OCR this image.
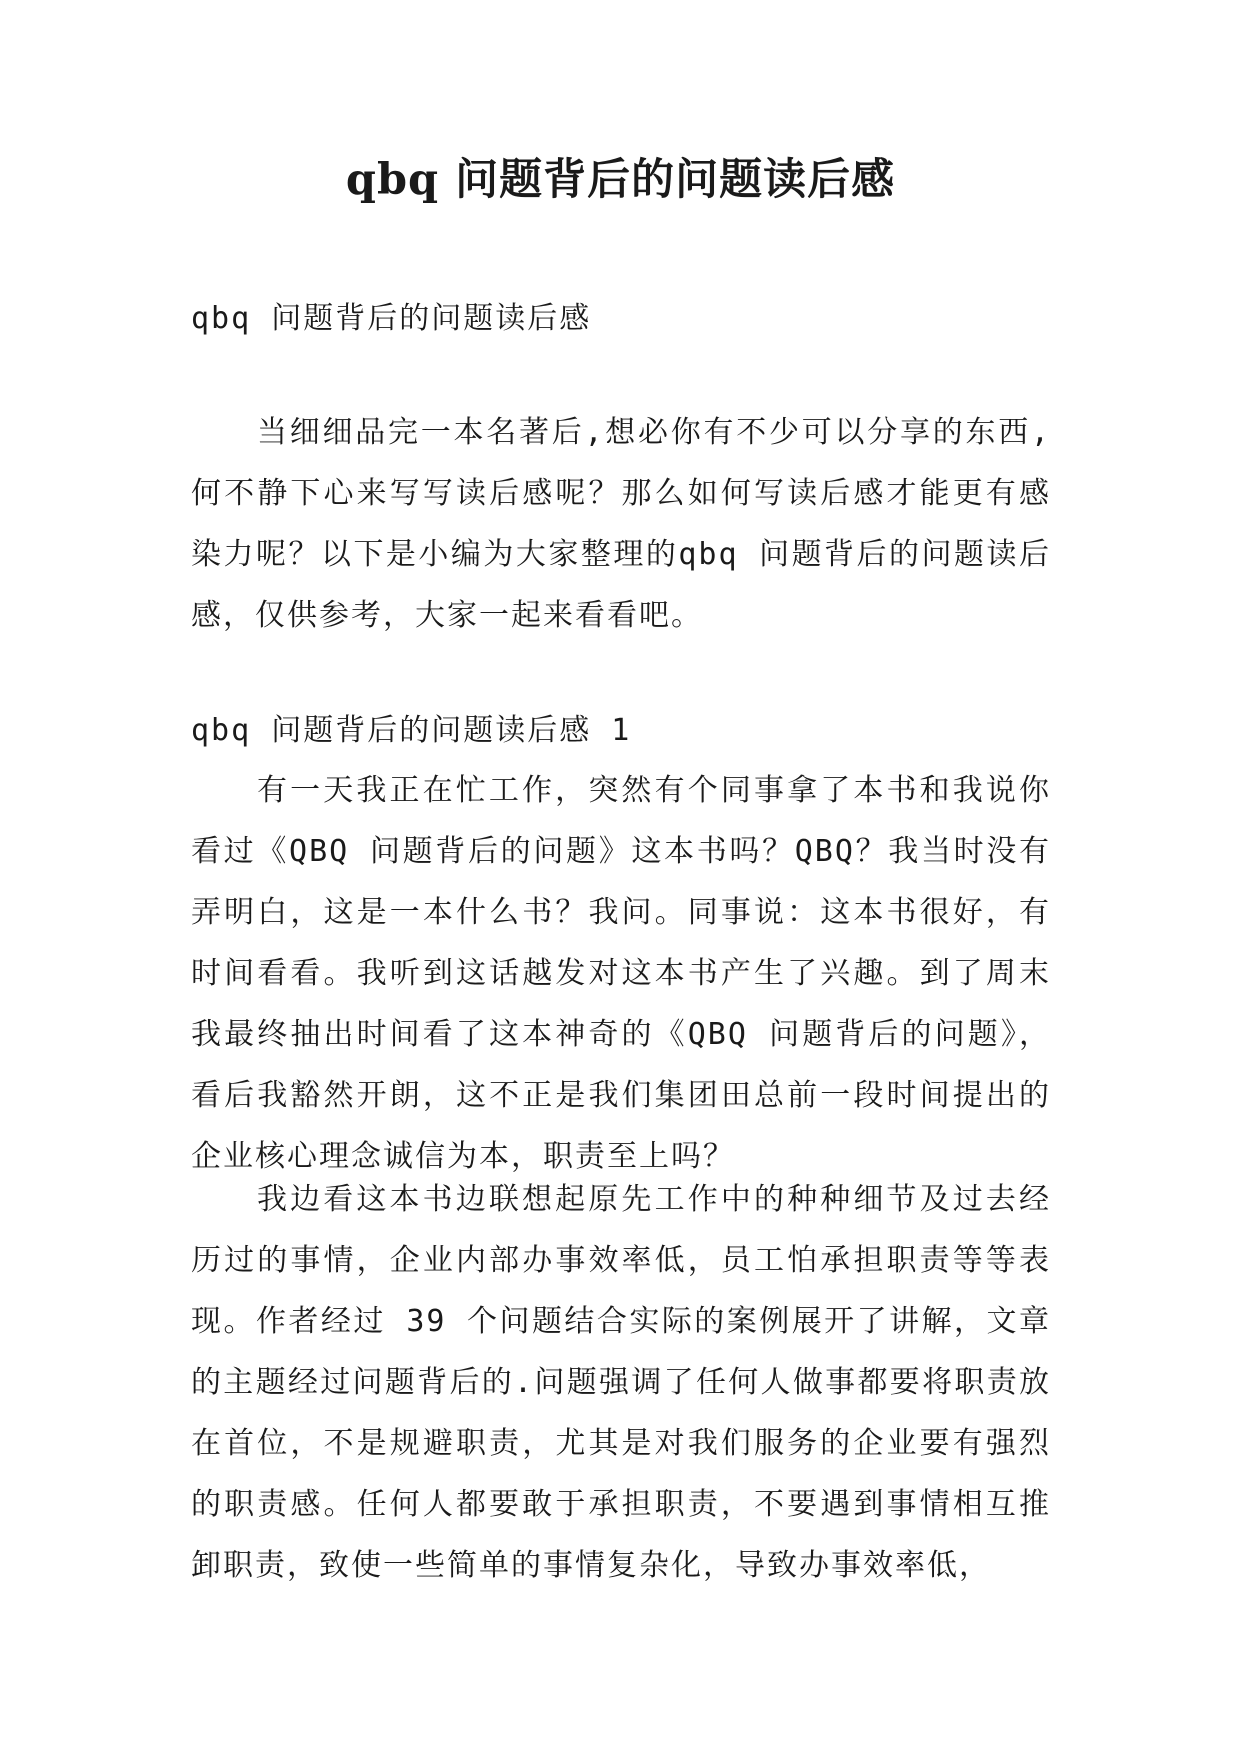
qbq 问题背后的问题读后感

qbq 问题背后的问题读后感

当细细品完一本名著后,想必你有不少可以分享的东西,何不静下心来写写读后感呢？那么如何写读后感才能更有感染力呢？以下是小编为大家整理的qbq 问题背后的问题读后感，仅供参考，大家一起来看看吧。

qbq 问题背后的问题读后感 1

有一天我正在忙工作，突然有个同事拿了本书和我说你看过《QBQ 问题背后的问题》这本书吗？QBQ？我当时没有弄明白，这是一本什么书？我问。同事说：这本书很好，有时间看看。我听到这话越发对这本书产生了兴趣。到了周末我最终抽出时间看了这本神奇的《QBQ 问题背后的问题》，看后我豁然开朗，这不正是我们集团田总前一段时间提出的企业核心理念诚信为本，职责至上吗？

我边看这本书边联想起原先工作中的种种细节及过去经历过的事情，企业内部办事效率低，员工怕承担职责等等表现。作者经过 39 个问题结合实际的案例展开了讲解，文章的主题经过问题背后的.问题强调了任何人做事都要将职责放在首位，不是规避职责，尤其是对我们服务的企业要有强烈的职责感。任何人都要敢于承担职责，不要遇到事情相互推卸职责，致使一些简单的事情复杂化，导致办事效率低，
